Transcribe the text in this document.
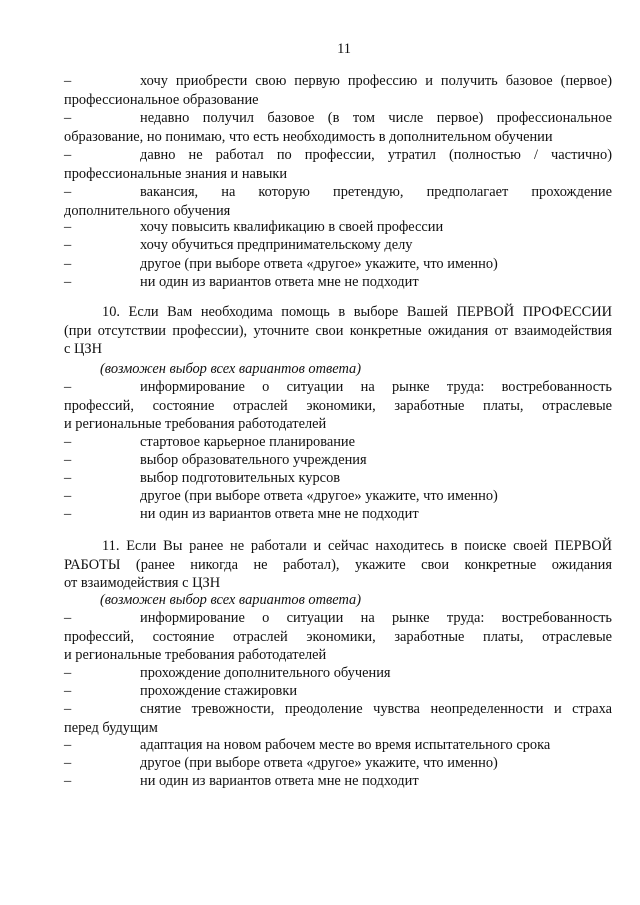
11
–	хочу приобрести свою первую профессию и получить базовое (первое)
профессиональное образование
–	недавно получил базовое (в том числе первое) профессиональное
образование, но понимаю, что есть необходимость в дополнительном обучении
–	давно не работал по профессии, утратил (полностью / частично)
профессиональные знания и навыки
–	вакансия, на которую претендую, предполагает прохождение
дополнительного обучения
–	хочу повысить квалификацию в своей профессии
–	хочу обучиться предпринимательскому делу
–	другое (при выборе ответа «другое» укажите, что именно)
–	ни один из вариантов ответа мне не подходит
10. Если Вам необходима помощь в выборе Вашей ПЕРВОЙ ПРОФЕССИИ
(при отсутствии профессии), уточните свои конкретные ожидания от взаимодействия
с ЦЗН
(возможен выбор всех вариантов ответа)
–	информирование о ситуации на рынке труда: востребованность
профессий, состояние отраслей экономики, заработные платы, отраслевые
и региональные требования работодателей
–	стартовое карьерное планирование
–	выбор образовательного учреждения
–	выбор подготовительных курсов
–	другое (при выборе ответа «другое» укажите, что именно)
–	ни один из вариантов ответа мне не подходит
11. Если Вы ранее не работали и сейчас находитесь в поиске своей ПЕРВОЙ
РАБОТЫ (ранее никогда не работал), укажите свои конкретные ожидания
от взаимодействия с ЦЗН
(возможен выбор всех вариантов ответа)
–	информирование о ситуации на рынке труда: востребованность
профессий, состояние отраслей экономики, заработные платы, отраслевые
и региональные требования работодателей
–	прохождение дополнительного обучения
–	прохождение стажировки
–	снятие тревожности, преодоление чувства неопределенности и страха
перед будущим
–	адаптация на новом рабочем месте во время испытательного срока
–	другое (при выборе ответа «другое» укажите, что именно)
–	ни один из вариантов ответа мне не подходит
